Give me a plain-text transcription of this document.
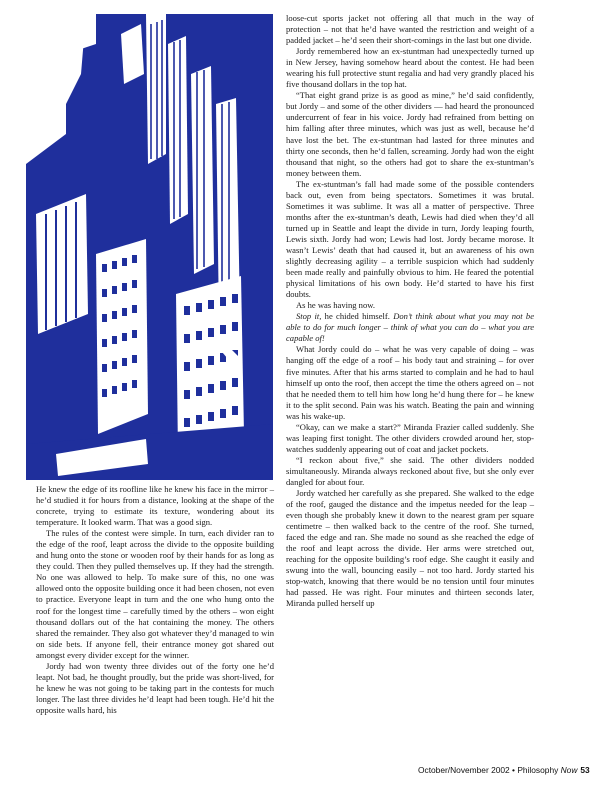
He knew the edge of its roofline like he knew his face in the mirror – he’d studied it for hours from a distance, looking at the shape of the concrete, trying to estimate its texture, wondering about its temperature. It looked warm. That was a good sign.

The rules of the contest were simple. In turn, each divider ran to the edge of the roof, leapt across the divide to the opposite building and hung onto the stone or wooden roof by their hands for as long as they could. Then they pulled themselves up. If they had the strength. No one was allowed to help. To make sure of this, no one was allowed onto the opposite building once it had been chosen, not even to practice. Everyone leapt in turn and the one who hung onto the roof for the longest time – carefully timed by the others – won eight thousand dollars out of the hat containing the money. The others shared the remainder. They also got whatever they’d managed to win on side bets. If anyone fell, their entrance money got shared out amongst every divider except for the winner.

Jordy had won twenty three divides out of the forty one he’d leapt. Not bad, he thought proudly, but the pride was short-lived, for he knew he was not going to be taking part in the contests for much longer. The last three divides he’d leapt had been tough. He’d hit the opposite walls hard, his

loose-cut sports jacket not offering all that much in the way of protection – not that he’d have wanted the restriction and weight of a padded jacket – he’d seen their short-comings in the last but one divide.

Jordy remembered how an ex-stuntman had unexpectedly turned up in New Jersey, having somehow heard about the contest. He had been wearing his full protective stunt regalia and had very grandly placed his five thousand dollars in the top hat.

“That eight grand prize is as good as mine,” he’d said confidently, but Jordy – and some of the other dividers — had heard the pronounced undercurrent of fear in his voice. Jordy had refrained from betting on him falling after three minutes, which was just as well, because he’d have lost the bet. The ex-stuntman had lasted for three minutes and thirty one seconds, then he’d fallen, screaming. Jordy had won the eight thousand that night, so the others had got to share the ex-stuntman’s money between them.

The ex-stuntman’s fall had made some of the possible contenders back out, even from being spectators. Sometimes it was brutal. Sometimes it was sublime. It was all a matter of perspective. Three months after the ex-stuntman’s death, Lewis had died when they’d all turned up in Seattle and leapt the divide in turn, Jordy leaping fourth, Lewis sixth. Jordy had won; Lewis had lost. Jordy became morose. It wasn’t Lewis’ death that had caused it, but an awareness of his own slightly decreasing agility – a terrible suspicion which had suddenly been made really and painfully obvious to him. He feared the potential physical limitations of his own body. He’d started to have his first doubts.

As he was having now.

Stop it, he chided himself. Don’t think about what you may not be able to do for much longer – think of what you can do – what you are capable of!

What Jordy could do – what he was very capable of doing – was hanging off the edge of a roof – his body taut and straining – for over five minutes. After that his arms started to complain and he had to haul himself up onto the roof, then accept the time the others agreed on – not that he needed them to tell him how long he’d hung there for – he knew it to the split second. Pain was his watch. Beating the pain and winning was his wake-up.

“Okay, can we make a start?” Miranda Frazier called suddenly. She was leaping first tonight. The other dividers crowded around her, stop-watches suddenly appearing out of coat and jacket pockets.

“I reckon about five,” she said. The other dividers nodded simultaneously. Miranda always reckoned about five, but she only ever dangled for about four.

Jordy watched her carefully as she prepared. She walked to the edge of the roof, gauged the distance and the impetus needed for the leap – even though she probably knew it down to the nearest gram per square centimetre – then walked back to the centre of the roof. She turned, faced the edge and ran. She made no sound as she reached the edge of the roof and leapt across the divide. Her arms were stretched out, reaching for the opposite building’s roof edge. She caught it easily and swung into the wall, bouncing easily – not too hard. Jordy started his stop-watch, knowing that there would be no tension until four minutes had passed. He was right. Four minutes and thirteen seconds later, Miranda pulled herself up

October/November 2002 • Philosophy Now 53
